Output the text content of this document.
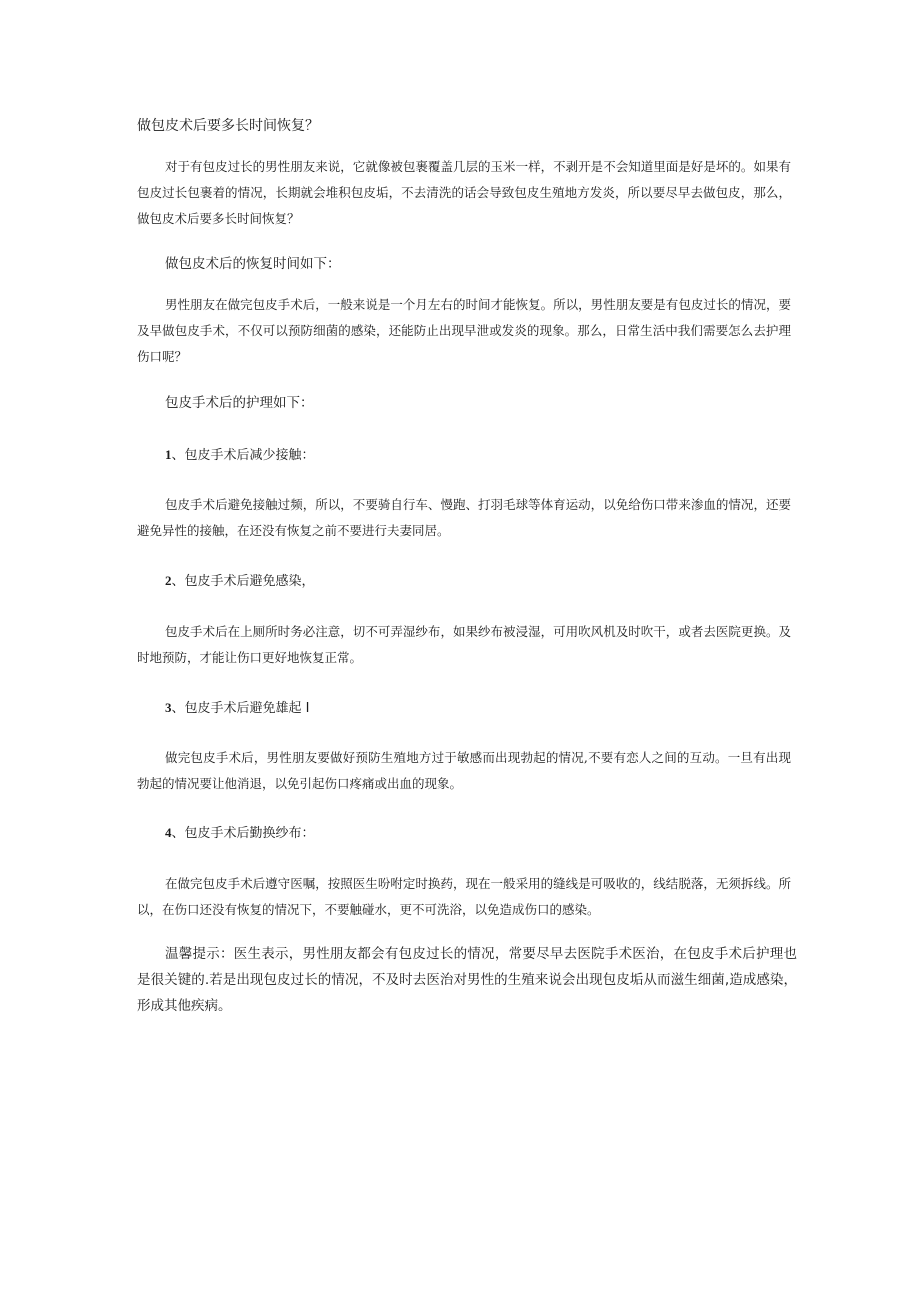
做包皮术后要多长时间恢复？
对于有包皮过长的男性朋友来说，它就像被包裹覆盖几层的玉米一样，不剥开是不会知道里面是好是坏的。如果有包皮过长包裹着的情况，长期就会堆积包皮垢，不去清洗的话会导致包皮生殖地方发炎，所以要尽早去做包皮，那么，做包皮术后要多长时间恢复？
做包皮术后的恢复时间如下：
男性朋友在做完包皮手术后，一般来说是一个月左右的时间才能恢复。所以，男性朋友要是有包皮过长的情况，要及早做包皮手术，不仅可以预防细菌的感染，还能防止出现早泄或发炎的现象。那么，日常生活中我们需要怎么去护理伤口呢？
包皮手术后的护理如下：
1、包皮手术后减少接触：
包皮手术后避免接触过频，所以，不要骑自行车、慢跑、打羽毛球等体育运动，以免给伤口带来渗血的情况，还要避免异性的接触，在还没有恢复之前不要进行夫妻同居。
2、包皮手术后避免感染，
包皮手术后在上厕所时务必注意，切不可弄湿纱布，如果纱布被浸湿，可用吹风机及时吹干，或者去医院更换。及时地预防，才能让伤口更好地恢复正常。
3、包皮手术后避免雄起 I
做完包皮手术后，男性朋友要做好预防生殖地方过于敏感而出现勃起的情况,不要有恋人之间的互动。一旦有出现勃起的情况要让他消退，以免引起伤口疼痛或出血的现象。
4、包皮手术后勤换纱布：
在做完包皮手术后遵守医嘱，按照医生吩咐定时换药，现在一般采用的缝线是可吸收的，线结脱落，无须拆线。所以，在伤口还没有恢复的情况下，不要触碰水，更不可洗浴，以免造成伤口的感染。
温馨提示：医生表示，男性朋友都会有包皮过长的情况，常要尽早去医院手术医治，在包皮手术后护理也是很关键的.若是出现包皮过长的情况，不及时去医治对男性的生殖来说会出现包皮垢从而滋生细菌,造成感染，形成其他疾病。
